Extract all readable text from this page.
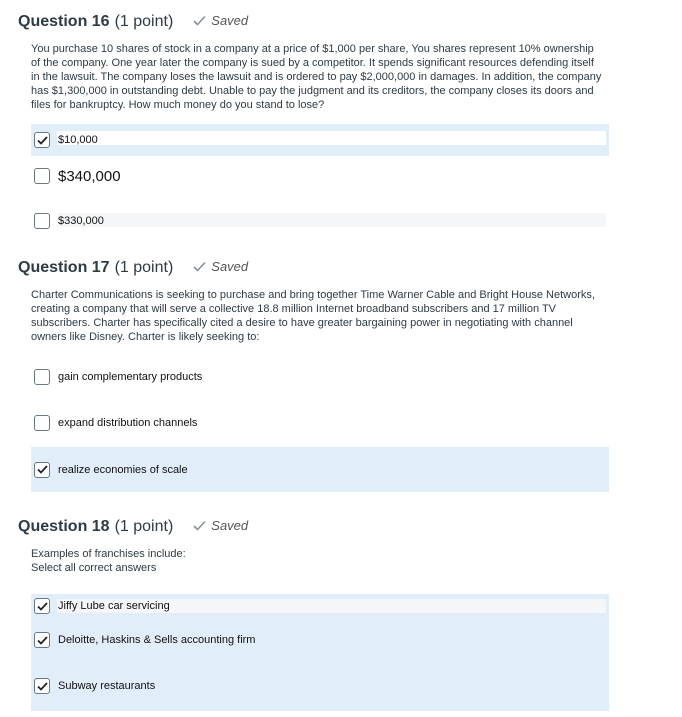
Question 16 (1 point)	Saved
You purchase 10 shares of stock in a company at a price of $1,000 per share, You shares represent 10% ownership of the company. One year later the company is sued by a competitor. It spends significant resources defending itself in the lawsuit. The company loses the lawsuit and is ordered to pay $2,000,000 in damages. In addition, the company has $1,300,000 in outstanding debt. Unable to pay the judgment and its creditors, the company closes its doors and files for bankruptcy. How much money do you stand to lose?
$10,000
$340,000
$330,000
Question 17 (1 point)	Saved
Charter Communications is seeking to purchase and bring together Time Warner Cable and Bright House Networks, creating a company that will serve a collective 18.8 million Internet broadband subscribers and 17 million TV subscribers. Charter has specifically cited a desire to have greater bargaining power in negotiating with channel owners like Disney. Charter is likely seeking to:
gain complementary products
expand distribution channels
realize economies of scale
Question 18 (1 point)	Saved
Examples of franchises include:
Select all correct answers
Jiffy Lube car servicing
Deloitte, Haskins & Sells accounting firm
Subway restaurants
